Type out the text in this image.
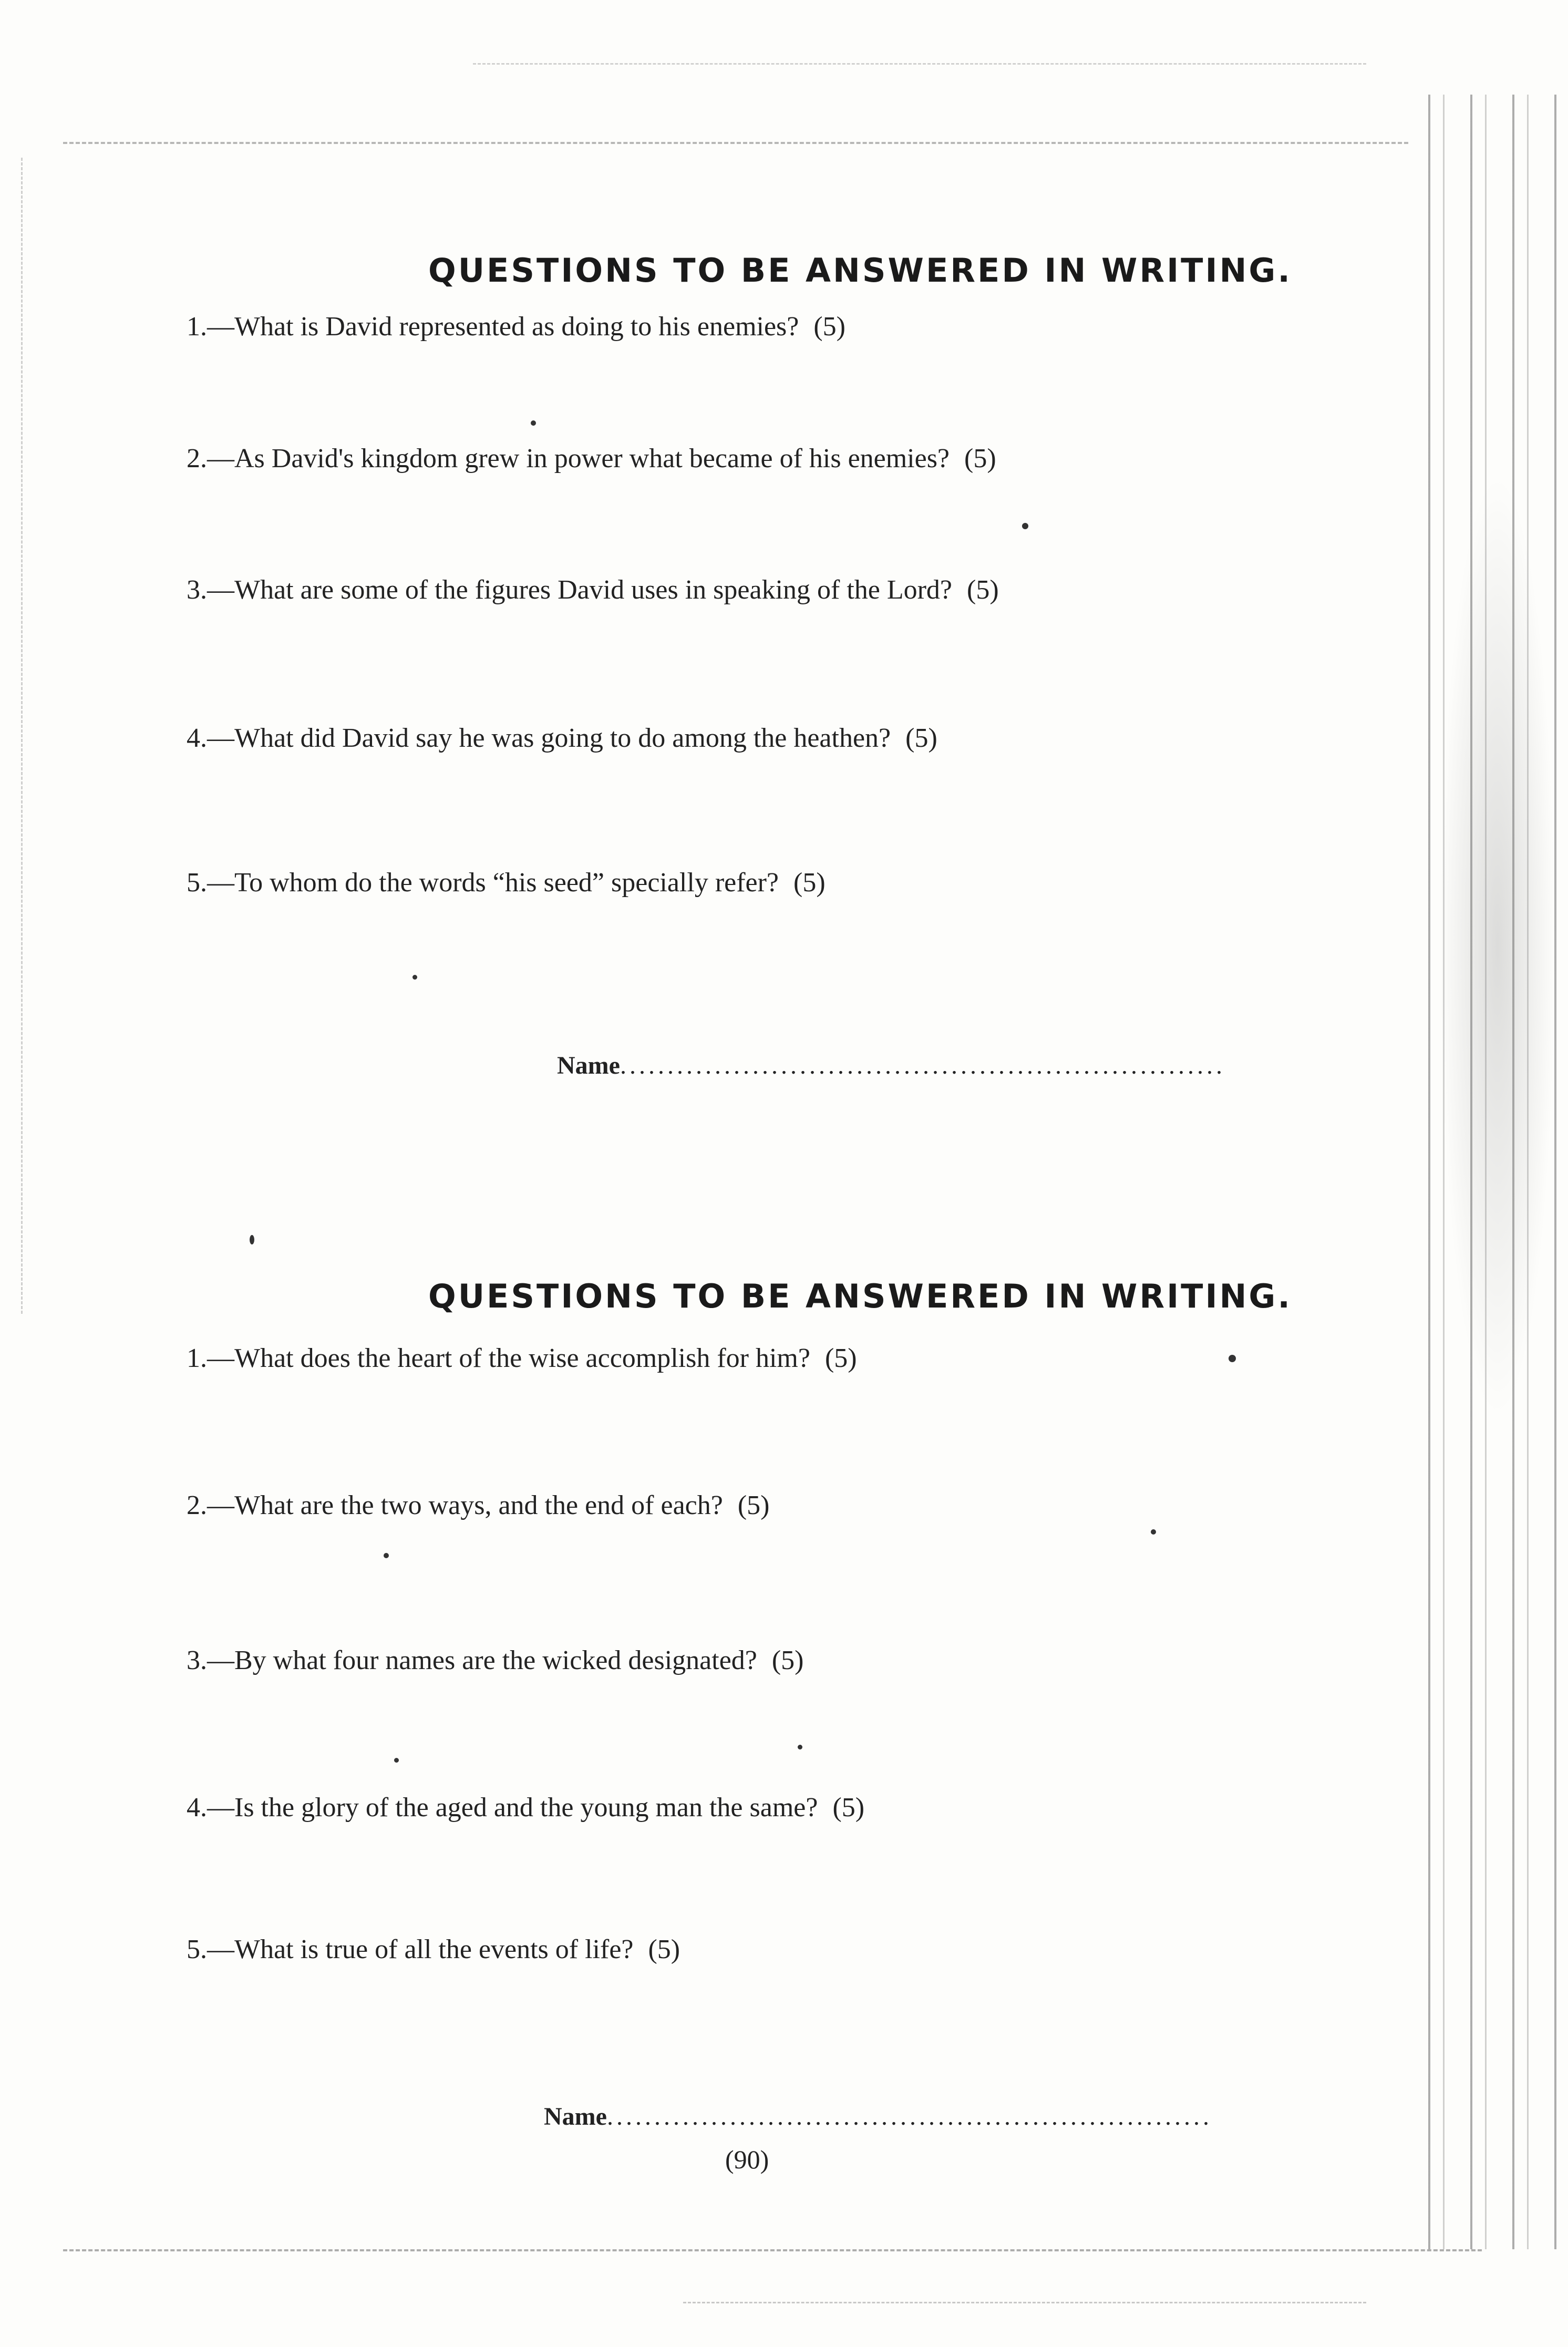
QUESTIONS TO BE ANSWERED IN WRITING.
1.—What is David represented as doing to his enemies? (5)
2.—As David's kingdom grew in power what became of his enemies? (5)
3.—What are some of the figures David uses in speaking of the Lord? (5)
4.—What did David say he was going to do among the heathen? (5)
5.—To whom do the words “his seed” specially refer? (5)
Name................................................................
QUESTIONS TO BE ANSWERED IN WRITING.
1.—What does the heart of the wise accomplish for him? (5)
2.—What are the two ways, and the end of each? (5)
3.—By what four names are the wicked designated? (5)
4.—Is the glory of the aged and the young man the same? (5)
5.—What is true of all the events of life? (5)
Name................................................................
(90)
